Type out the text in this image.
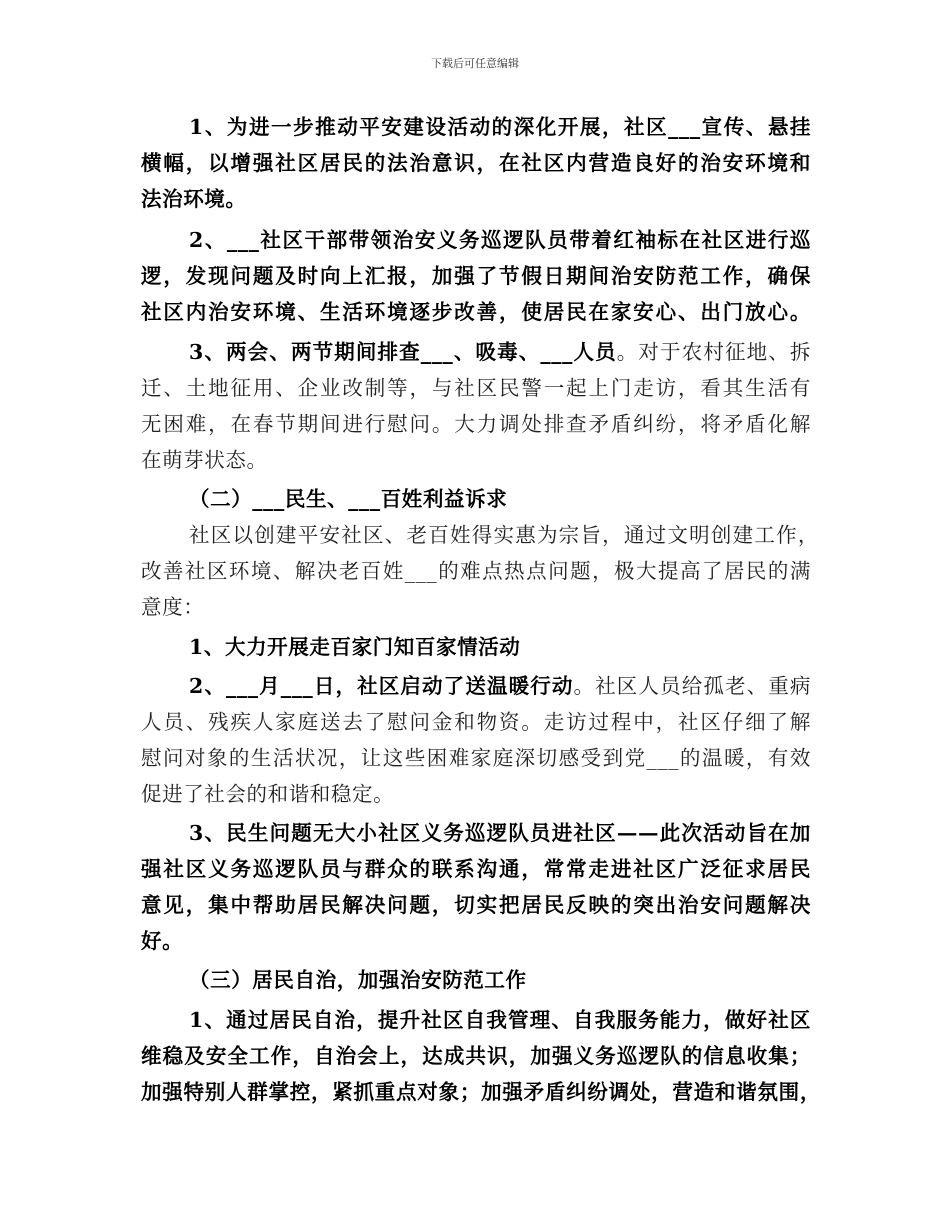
下载后可任意编辑
1、为进一步推动平安建设活动的深化开展，社区___宣传、悬挂
横幅，以增强社区居民的法治意识，在社区内营造良好的治安环境和
法治环境。
2、___社区干部带领治安义务巡逻队员带着红袖标在社区进行巡
逻，发现问题及时向上汇报，加强了节假日期间治安防范工作，确保
社区内治安环境、生活环境逐步改善，使居民在家安心、出门放心。
3、两会、两节期间排查___、吸毒、___人员。对于农村征地、拆
迁、土地征用、企业改制等，与社区民警一起上门走访，看其生活有
无困难，在春节期间进行慰问。大力调处排查矛盾纠纷，将矛盾化解
在萌芽状态。
（二）___民生、___百姓利益诉求
社区以创建平安社区、老百姓得实惠为宗旨，通过文明创建工作，
改善社区环境、解决老百姓___的难点热点问题，极大提高了居民的满
意度：
1、大力开展走百家门知百家情活动
2、___月___日，社区启动了送温暖行动。社区人员给孤老、重病
人员、残疾人家庭送去了慰问金和物资。走访过程中，社区仔细了解
慰问对象的生活状况，让这些困难家庭深切感受到党___的温暖，有效
促进了社会的和谐和稳定。
3、民生问题无大小社区义务巡逻队员进社区——此次活动旨在加
强社区义务巡逻队员与群众的联系沟通，常常走进社区广泛征求居民
意见，集中帮助居民解决问题，切实把居民反映的突出治安问题解决
好。
（三）居民自治，加强治安防范工作
1、通过居民自治，提升社区自我管理、自我服务能力，做好社区
维稳及安全工作，自治会上，达成共识，加强义务巡逻队的信息收集；
加强特别人群掌控，紧抓重点对象；加强矛盾纠纷调处，营造和谐氛围，
